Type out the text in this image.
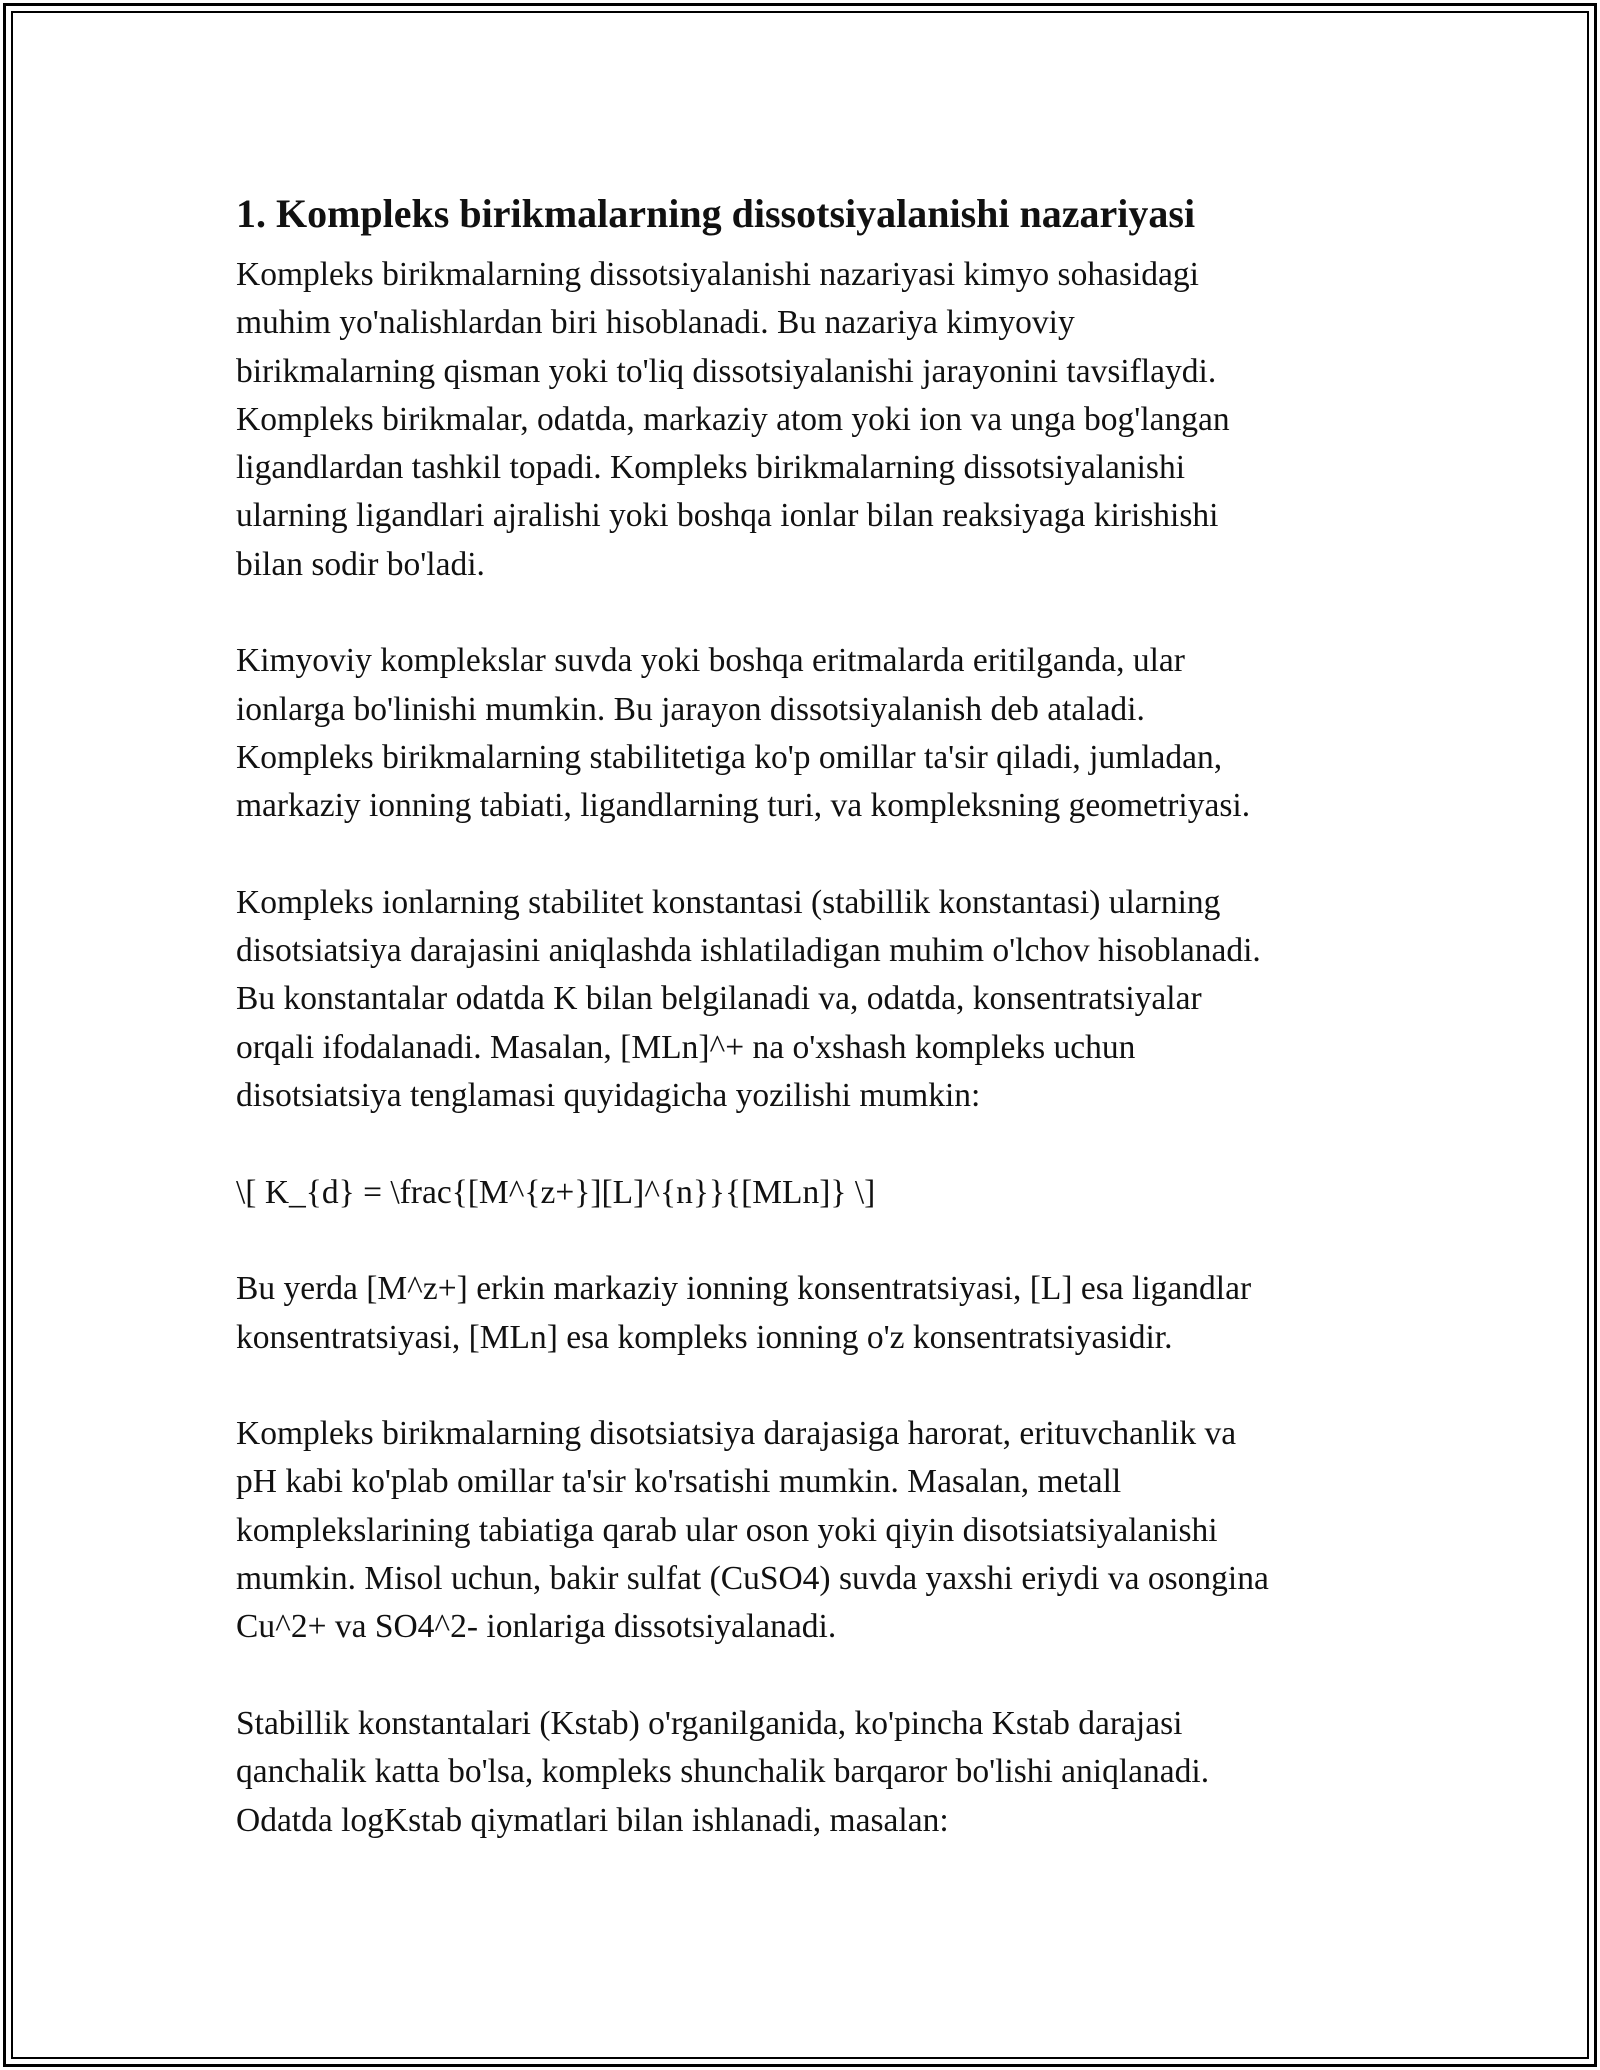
1. Kompleks birikmalarning dissotsiyalanishi nazariyasi
Kompleks birikmalarning dissotsiyalanishi nazariyasi kimyo sohasidagi
muhim yo'nalishlardan biri hisoblanadi. Bu nazariya kimyoviy
birikmalarning qisman yoki to'liq dissotsiyalanishi jarayonini tavsiflaydi.
Kompleks birikmalar, odatda, markaziy atom yoki ion va unga bog'langan
ligandlardan tashkil topadi. Kompleks birikmalarning dissotsiyalanishi
ularning ligandlari ajralishi yoki boshqa ionlar bilan reaksiyaga kirishishi
bilan sodir bo'ladi.
Kimyoviy komplekslar suvda yoki boshqa eritmalarda eritilganda, ular
ionlarga bo'linishi mumkin. Bu jarayon dissotsiyalanish deb ataladi.
Kompleks birikmalarning stabilitetiga ko'p omillar ta'sir qiladi, jumladan,
markaziy ionning tabiati, ligandlarning turi, va kompleksning geometriyasi.
Kompleks ionlarning stabilitet konstantasi (stabillik konstantasi) ularning
disotsiatsiya darajasini aniqlashda ishlatiladigan muhim o'lchov hisoblanadi.
Bu konstantalar odatda K bilan belgilanadi va, odatda, konsentratsiyalar
orqali ifodalanadi. Masalan, [MLn]^+ na o'xshash kompleks uchun
disotsiatsiya tenglamasi quyidagicha yozilishi mumkin:
\[ K_{d} = \frac{[M^{z+}][L]^{n}}{[MLn]} \]
Bu yerda [M^z+] erkin markaziy ionning konsentratsiyasi, [L] esa ligandlar
konsentratsiyasi, [MLn] esa kompleks ionning o'z konsentratsiyasidir.
Kompleks birikmalarning disotsiatsiya darajasiga harorat, erituvchanlik va
pH kabi ko'plab omillar ta'sir ko'rsatishi mumkin. Masalan, metall
komplekslarining tabiatiga qarab ular oson yoki qiyin disotsiatsiyalanishi
mumkin. Misol uchun, bakir sulfat (CuSO4) suvda yaxshi eriydi va osongina
Cu^2+ va SO4^2- ionlariga dissotsiyalanadi.
Stabillik konstantalari (Kstab) o'rganilganida, ko'pincha Kstab darajasi
qanchalik katta bo'lsa, kompleks shunchalik barqaror bo'lishi aniqlanadi.
Odatda logKstab qiymatlari bilan ishlanadi, masalan:
